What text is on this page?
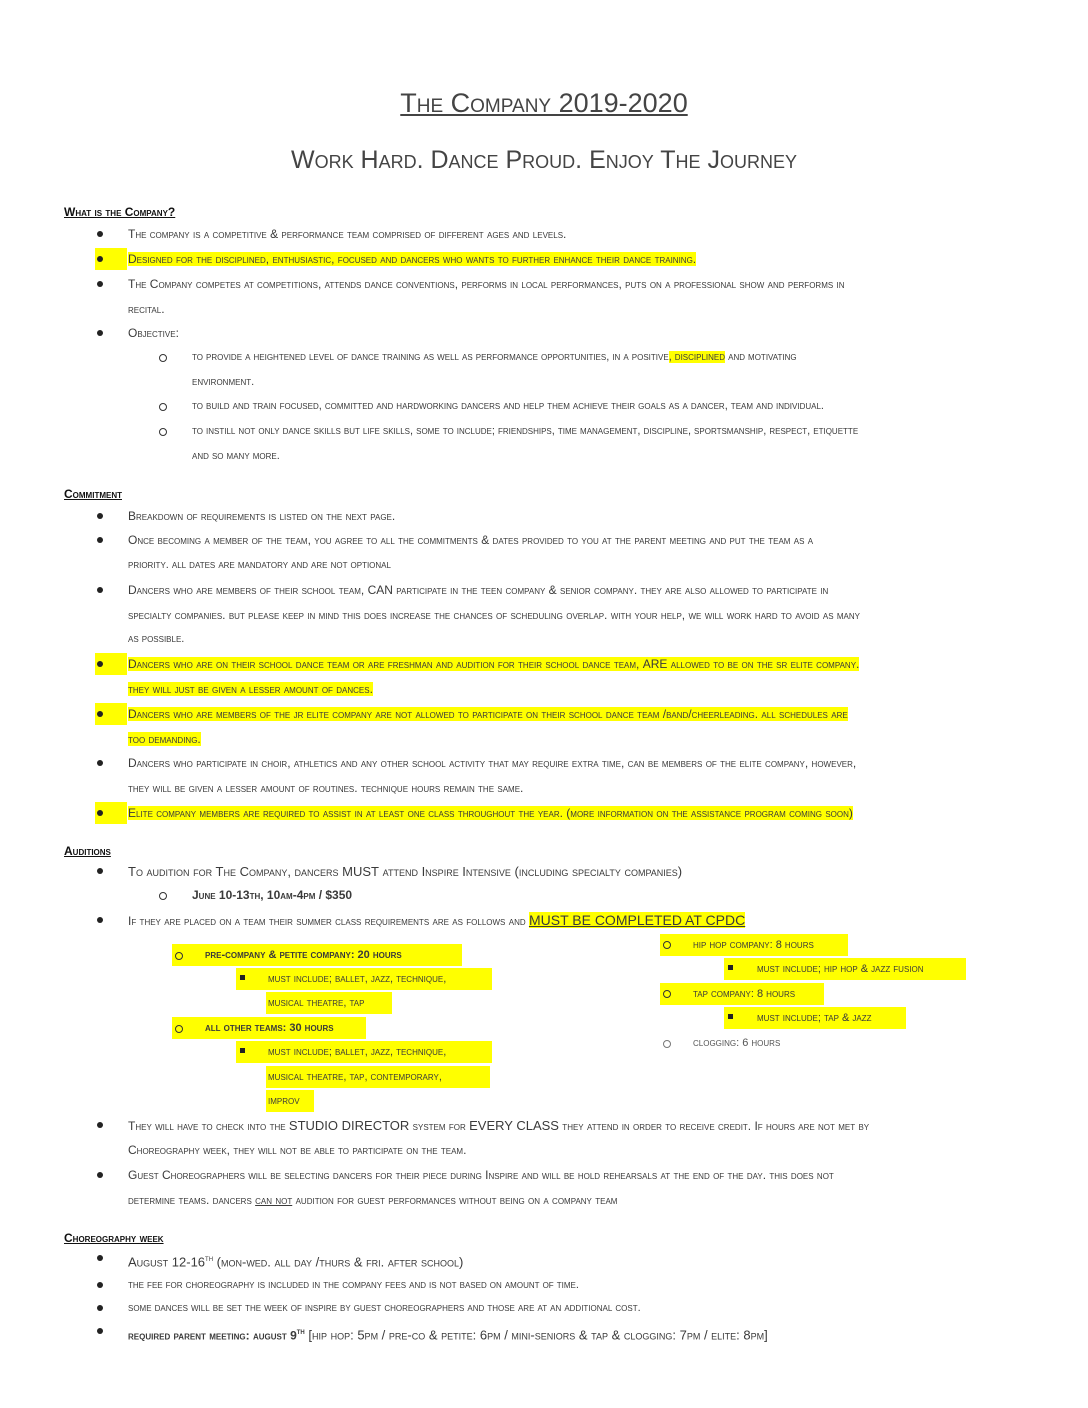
The Company 2019-2020
Work Hard. Dance Proud. Enjoy The Journey
What is the Company?
The company is a competitive & performance team comprised of different ages and levels.
Designed for the disciplined, enthusiastic, focused and dancers who wants to further enhance their dance training.
The Company competes at competitions, attends dance conventions, performs in local performances, puts on a professional show and performs in
recital.
Objective:
to provide a heightened level of dance training as well as performance opportunities, in a positive, disciplined and motivating
environment.
to build and train focused, committed and hardworking dancers and help them achieve their goals as a dancer, team and individual.
to instill not only dance skills but life skills, some to include; friendships, time management, discipline, sportsmanship, respect, etiquette
and so many more.
Commitment
Breakdown of requirements is listed on the next page.
Once becoming a member of the team, you agree to all the commitments & dates provided to you at the parent meeting and put the team as a
priority. all dates are mandatory and are not optional
Dancers who are members of their school team, CAN participate in the teen company & senior company. they are also allowed to participate in
specialty companies. but please keep in mind this does increase the chances of scheduling overlap. with your help, we will work hard to avoid as many
as possible.
Dancers who are on their school dance team or are freshman and audition for their school dance team, ARE allowed to be on the sr elite company.
they will just be given a lesser amount of dances.
Dancers who are members of the jr elite company are not allowed to participate on their school dance team /band/cheerleading. all schedules are
too demanding.
Dancers who participate in choir, athletics and any other school activity that may require extra time, can be members of the elite company, however,
they will be given a lesser amount of routines. technique hours remain the same.
Elite company members are required to assist in at least one class throughout the year. (more information on the assistance program coming soon)
Auditions
To audition for The Company, dancers MUST attend Inspire Intensive (including specialty companies)
June 10-13th, 10am-4pm / $350
If they are placed on a team their summer class requirements are as follows and MUST BE COMPLETED AT CPDC
pre-company & petite company: 20 hours
must include; ballet, jazz, technique,
musical theatre, tap
all other teams: 30 hours
must include; ballet, jazz, technique,
musical theatre, tap, contemporary,
improv
hip hop company: 8 hours
must include; hip hop & jazz fusion
tap company: 8 hours
must include; tap & jazz
clogging: 6 hours
They will have to check into the STUDIO DIRECTOR system for EVERY CLASS they attend in order to receive credit. If hours are not met by
Choreography week, they will not be able to participate on the team.
Guest Choreographers will be selecting dancers for their piece during Inspire and will be hold rehearsals at the end of the day. this does not
determine teams. dancers can not audition for guest performances without being on a company team
Choreography week
August 12-16th (mon-wed. all day /thurs & fri. after school)
the fee for choreography is included in the company fees and is not based on amount of time.
some dances will be set the week of inspire by guest choreographers and those are at an additional cost.
required parent meeting: august 9th [hip hop: 5pm / pre-co & petite: 6pm / mini-seniors & tap & clogging: 7pm / elite: 8pm]
